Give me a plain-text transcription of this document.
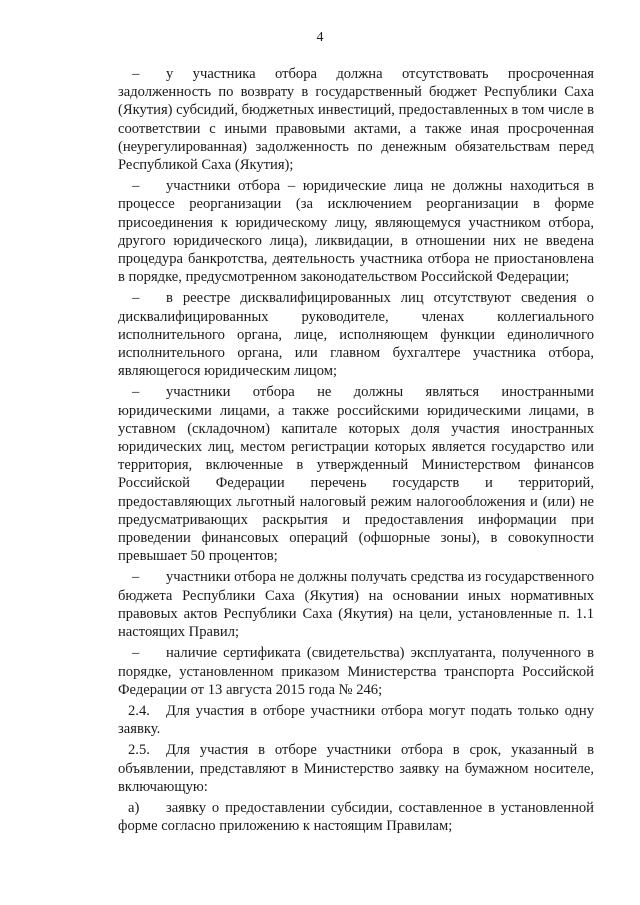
4

– у участника отбора должна отсутствовать просроченная задолженность по возврату в государственный бюджет Республики Саха (Якутия) субсидий, бюджетных инвестиций, предоставленных в том числе в соответствии с иными правовыми актами, а также иная просроченная (неурегулированная) задолженность по денежным обязательствам перед Республикой Саха (Якутия);

– участники отбора – юридические лица не должны находиться в процессе реорганизации (за исключением реорганизации в форме присоединения к юридическому лицу, являющемуся участником отбора, другого юридического лица), ликвидации, в отношении них не введена процедура банкротства, деятельность участника отбора не приостановлена в порядке, предусмотренном законодательством Российской Федерации;

– в реестре дисквалифицированных лиц отсутствуют сведения о дисквалифицированных руководителе, членах коллегиального исполнительного органа, лице, исполняющем функции единоличного исполнительного органа, или главном бухгалтере участника отбора, являющегося юридическим лицом;

– участники отбора не должны являться иностранными юридическими лицами, а также российскими юридическими лицами, в уставном (складочном) капитале которых доля участия иностранных юридических лиц, местом регистрации которых является государство или территория, включенные в утвержденный Министерством финансов Российской Федерации перечень государств и территорий, предоставляющих льготный налоговый режим налогообложения и (или) не предусматривающих раскрытия и предоставления информации при проведении финансовых операций (офшорные зоны), в совокупности превышает 50 процентов;

– участники отбора не должны получать средства из государственного бюджета Республики Саха (Якутия) на основании иных нормативных правовых актов Республики Саха (Якутия) на цели, установленные п. 1.1 настоящих Правил;

– наличие сертификата (свидетельства) эксплуатанта, полученного в порядке, установленном приказом Министерства транспорта Российской Федерации от 13 августа 2015 года № 246;

2.4. Для участия в отборе участники отбора могут подать только одну заявку.

2.5. Для участия в отборе участники отбора в срок, указанный в объявлении, представляют в Министерство заявку на бумажном носителе, включающую:

а) заявку о предоставлении субсидии, составленное в установленной форме согласно приложению к настоящим Правилам;
